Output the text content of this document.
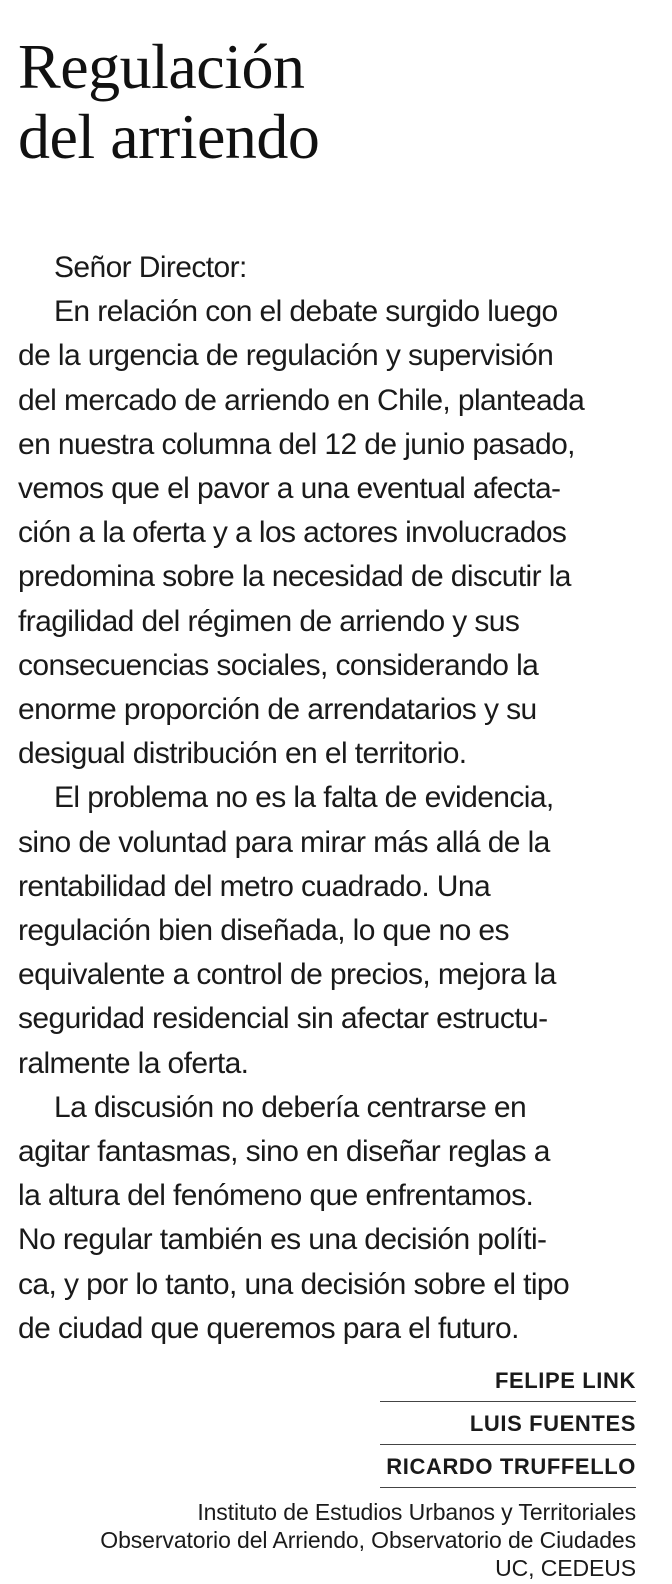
Regulación
del arriendo
Señor Director:
En relación con el debate surgido luego
de la urgencia de regulación y supervisión
del mercado de arriendo en Chile, planteada
en nuestra columna del 12 de junio pasado,
vemos que el pavor a una eventual afecta-
ción a la oferta y a los actores involucrados
predomina sobre la necesidad de discutir la
fragilidad del régimen de arriendo y sus
consecuencias sociales, considerando la
enorme proporción de arrendatarios y su
desigual distribución en el territorio.
El problema no es la falta de evidencia,
sino de voluntad para mirar más allá de la
rentabilidad del metro cuadrado. Una
regulación bien diseñada, lo que no es
equivalente a control de precios, mejora la
seguridad residencial sin afectar estructu-
ralmente la oferta.
La discusión no debería centrarse en
agitar fantasmas, sino en diseñar reglas a
la altura del fenómeno que enfrentamos.
No regular también es una decisión políti-
ca, y por lo tanto, una decisión sobre el tipo
de ciudad que queremos para el futuro.
FELIPE LINK
LUIS FUENTES
RICARDO TRUFFELLO
Instituto de Estudios Urbanos y Territoriales
Observatorio del Arriendo, Observatorio de Ciudades
UC, CEDEUS
